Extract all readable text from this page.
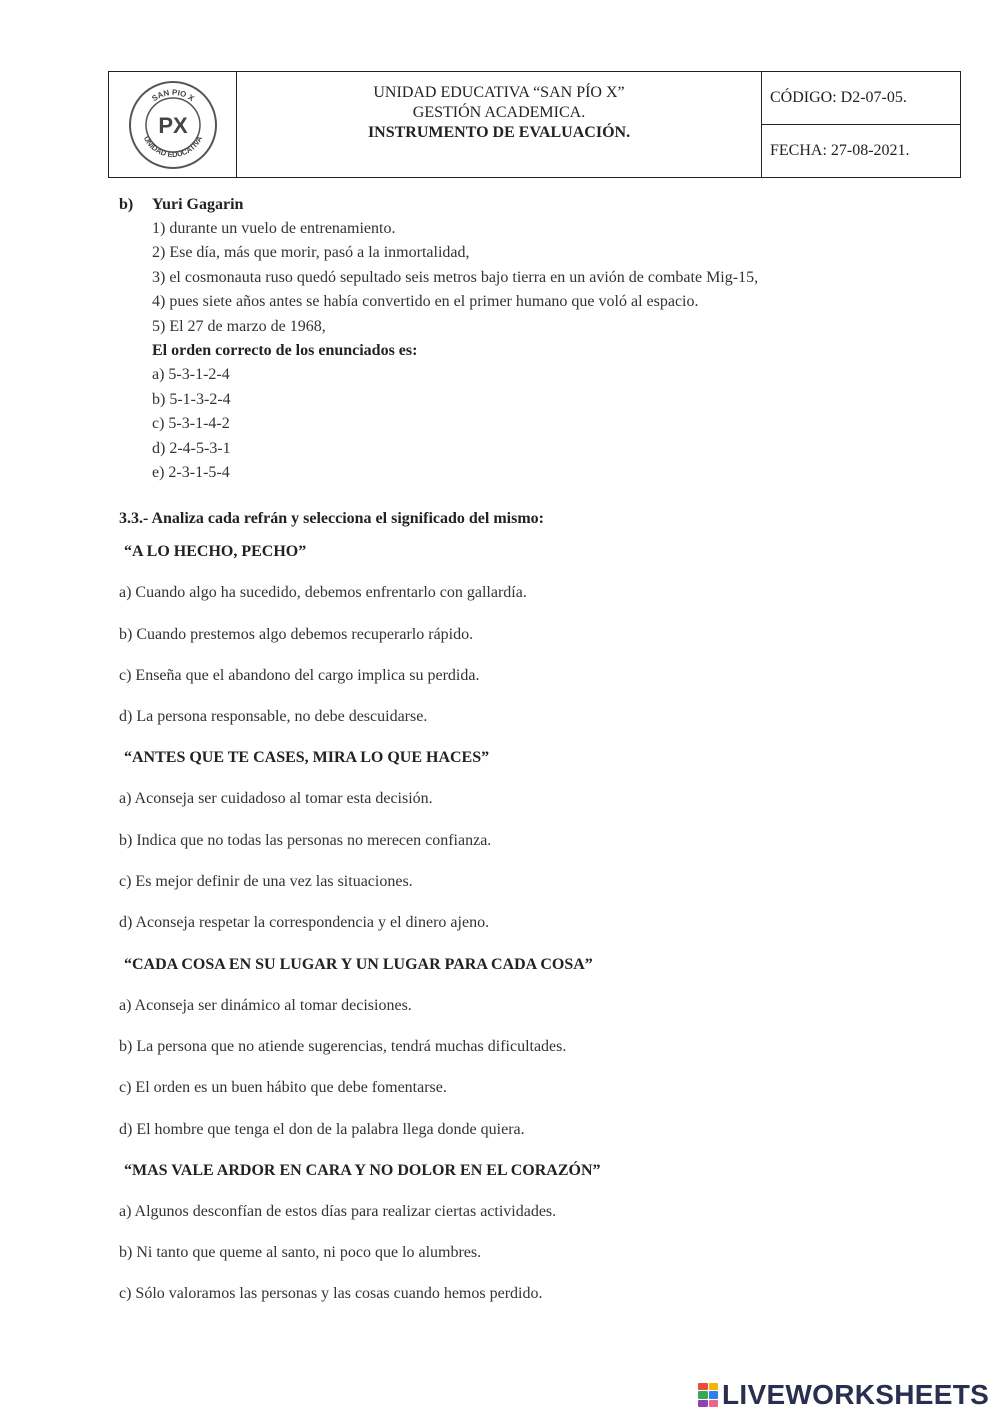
SAN PIO X
UNIDAD EDUCATIVA
PX
UNIDAD EDUCATIVA “SAN PÍO X”
GESTIÓN ACADEMICA.
INSTRUMENTO DE EVALUACIÓN.
CÓDIGO: D2-07-05.
FECHA: 27-08-2021.
b) Yuri Gagarin
1) durante un vuelo de entrenamiento.
2) Ese día, más que morir, pasó a la inmortalidad,
3) el cosmonauta ruso quedó sepultado seis metros bajo tierra en un avión de combate Mig-15,
4) pues siete años antes se había convertido en el primer humano que voló al espacio.
5) El 27 de marzo de 1968,
El orden correcto de los enunciados es:
a) 5-3-1-2-4
b) 5-1-3-2-4
c) 5-3-1-4-2
d) 2-4-5-3-1
e) 2-3-1-5-4
3.3.- Analiza cada refrán y selecciona el significado del mismo:
“A LO HECHO, PECHO”
a) Cuando algo ha sucedido, debemos enfrentarlo con gallardía.
b) Cuando prestemos algo debemos recuperarlo rápido.
c) Enseña que el abandono del cargo implica su perdida.
d) La persona responsable, no debe descuidarse.
“ANTES QUE TE CASES, MIRA LO QUE HACES”
a) Aconseja ser cuidadoso al tomar esta decisión.
b) Indica que no todas las personas no merecen confianza.
c) Es mejor definir de una vez las situaciones.
d) Aconseja respetar la correspondencia y el dinero ajeno.
“CADA COSA EN SU LUGAR Y UN LUGAR PARA CADA COSA”
a) Aconseja ser dinámico al tomar decisiones.
b) La persona que no atiende sugerencias, tendrá muchas dificultades.
c) El orden es un buen hábito que debe fomentarse.
d) El hombre que tenga el don de la palabra llega donde quiera.
“MAS VALE ARDOR EN CARA Y NO DOLOR EN EL CORAZÓN”
a) Algunos desconfían de estos días para realizar ciertas actividades.
b) Ni tanto que queme al santo, ni poco que lo alumbres.
c) Sólo valoramos las personas y las cosas cuando hemos perdido.
LIVEWORKSHEETS
